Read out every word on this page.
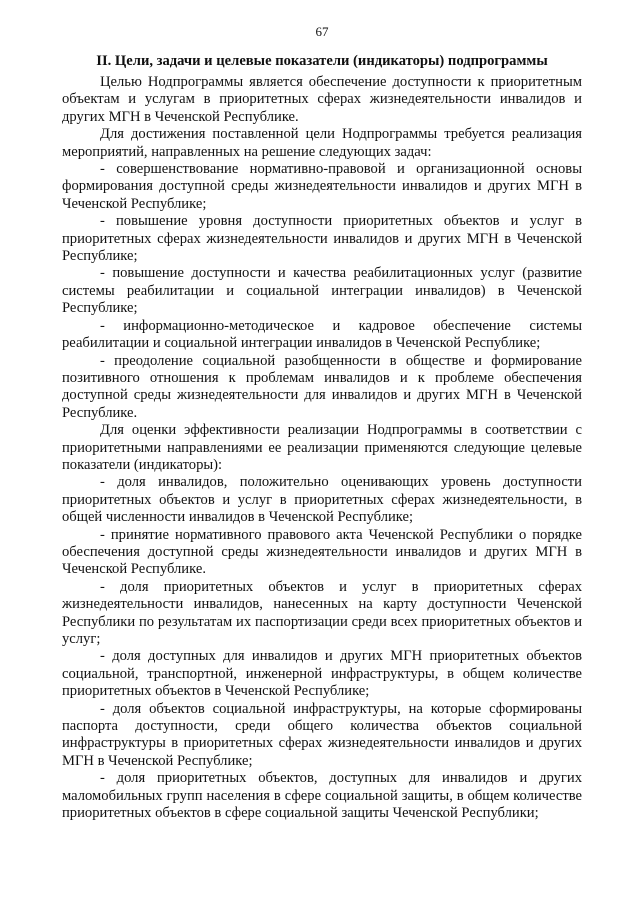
67
II. Цели, задачи и целевые показатели (индикаторы) подпрограммы

Целью Нодпрограммы является обеспечение доступности к приоритетным объектам и услугам в приоритетных сферах жизнедеятельности инвалидов и других МГН в Чеченской Республике.

Для достижения поставленной цели Нодпрограммы требуется реализация мероприятий, направленных на решение следующих задач:

- совершенствование нормативно-правовой и организационной основы формирования доступной среды жизнедеятельности инвалидов и других МГН в Чеченской Республике;

- повышение уровня доступности приоритетных объектов и услуг в приоритетных сферах жизнедеятельности инвалидов и других МГН в Чеченской Республике;

- повышение доступности и качества реабилитационных услуг (развитие системы реабилитации и социальной интеграции инвалидов) в Чеченской Республике;

- информационно-методическое и кадровое обеспечение системы реабилитации и социальной интеграции инвалидов в Чеченской Республике;

- преодоление социальной разобщенности в обществе и формирование позитивного отношения к проблемам инвалидов и к проблеме обеспечения доступной среды жизнедеятельности для инвалидов и других МГН в Чеченской Республике.

Для оценки эффективности реализации Нодпрограммы в соответствии с приоритетными направлениями ее реализации применяются следующие целевые показатели (индикаторы):

- доля инвалидов, положительно оценивающих уровень доступности приоритетных объектов и услуг в приоритетных сферах жизнедеятельности, в общей численности инвалидов в Чеченской Республике;

- принятие нормативного правового акта Чеченской Республики о порядке обеспечения доступной среды жизнедеятельности инвалидов и других МГН в Чеченской Республике.

- доля приоритетных объектов и услуг в приоритетных сферах жизнедеятельности инвалидов, нанесенных на карту доступности Чеченской Республики по результатам их паспортизации среди всех приоритетных объектов и услуг;

- доля доступных для инвалидов и других МГН приоритетных объектов социальной, транспортной, инженерной инфраструктуры, в общем количестве приоритетных объектов в Чеченской Республике;

- доля объектов социальной инфраструктуры, на которые сформированы паспорта доступности, среди общего количества объектов социальной инфраструктуры в приоритетных сферах жизнедеятельности инвалидов и других МГН в Чеченской Республике;

- доля приоритетных объектов, доступных для инвалидов и других маломобильных групп населения в сфере социальной защиты, в общем количестве приоритетных объектов в сфере социальной защиты Чеченской Республики;
